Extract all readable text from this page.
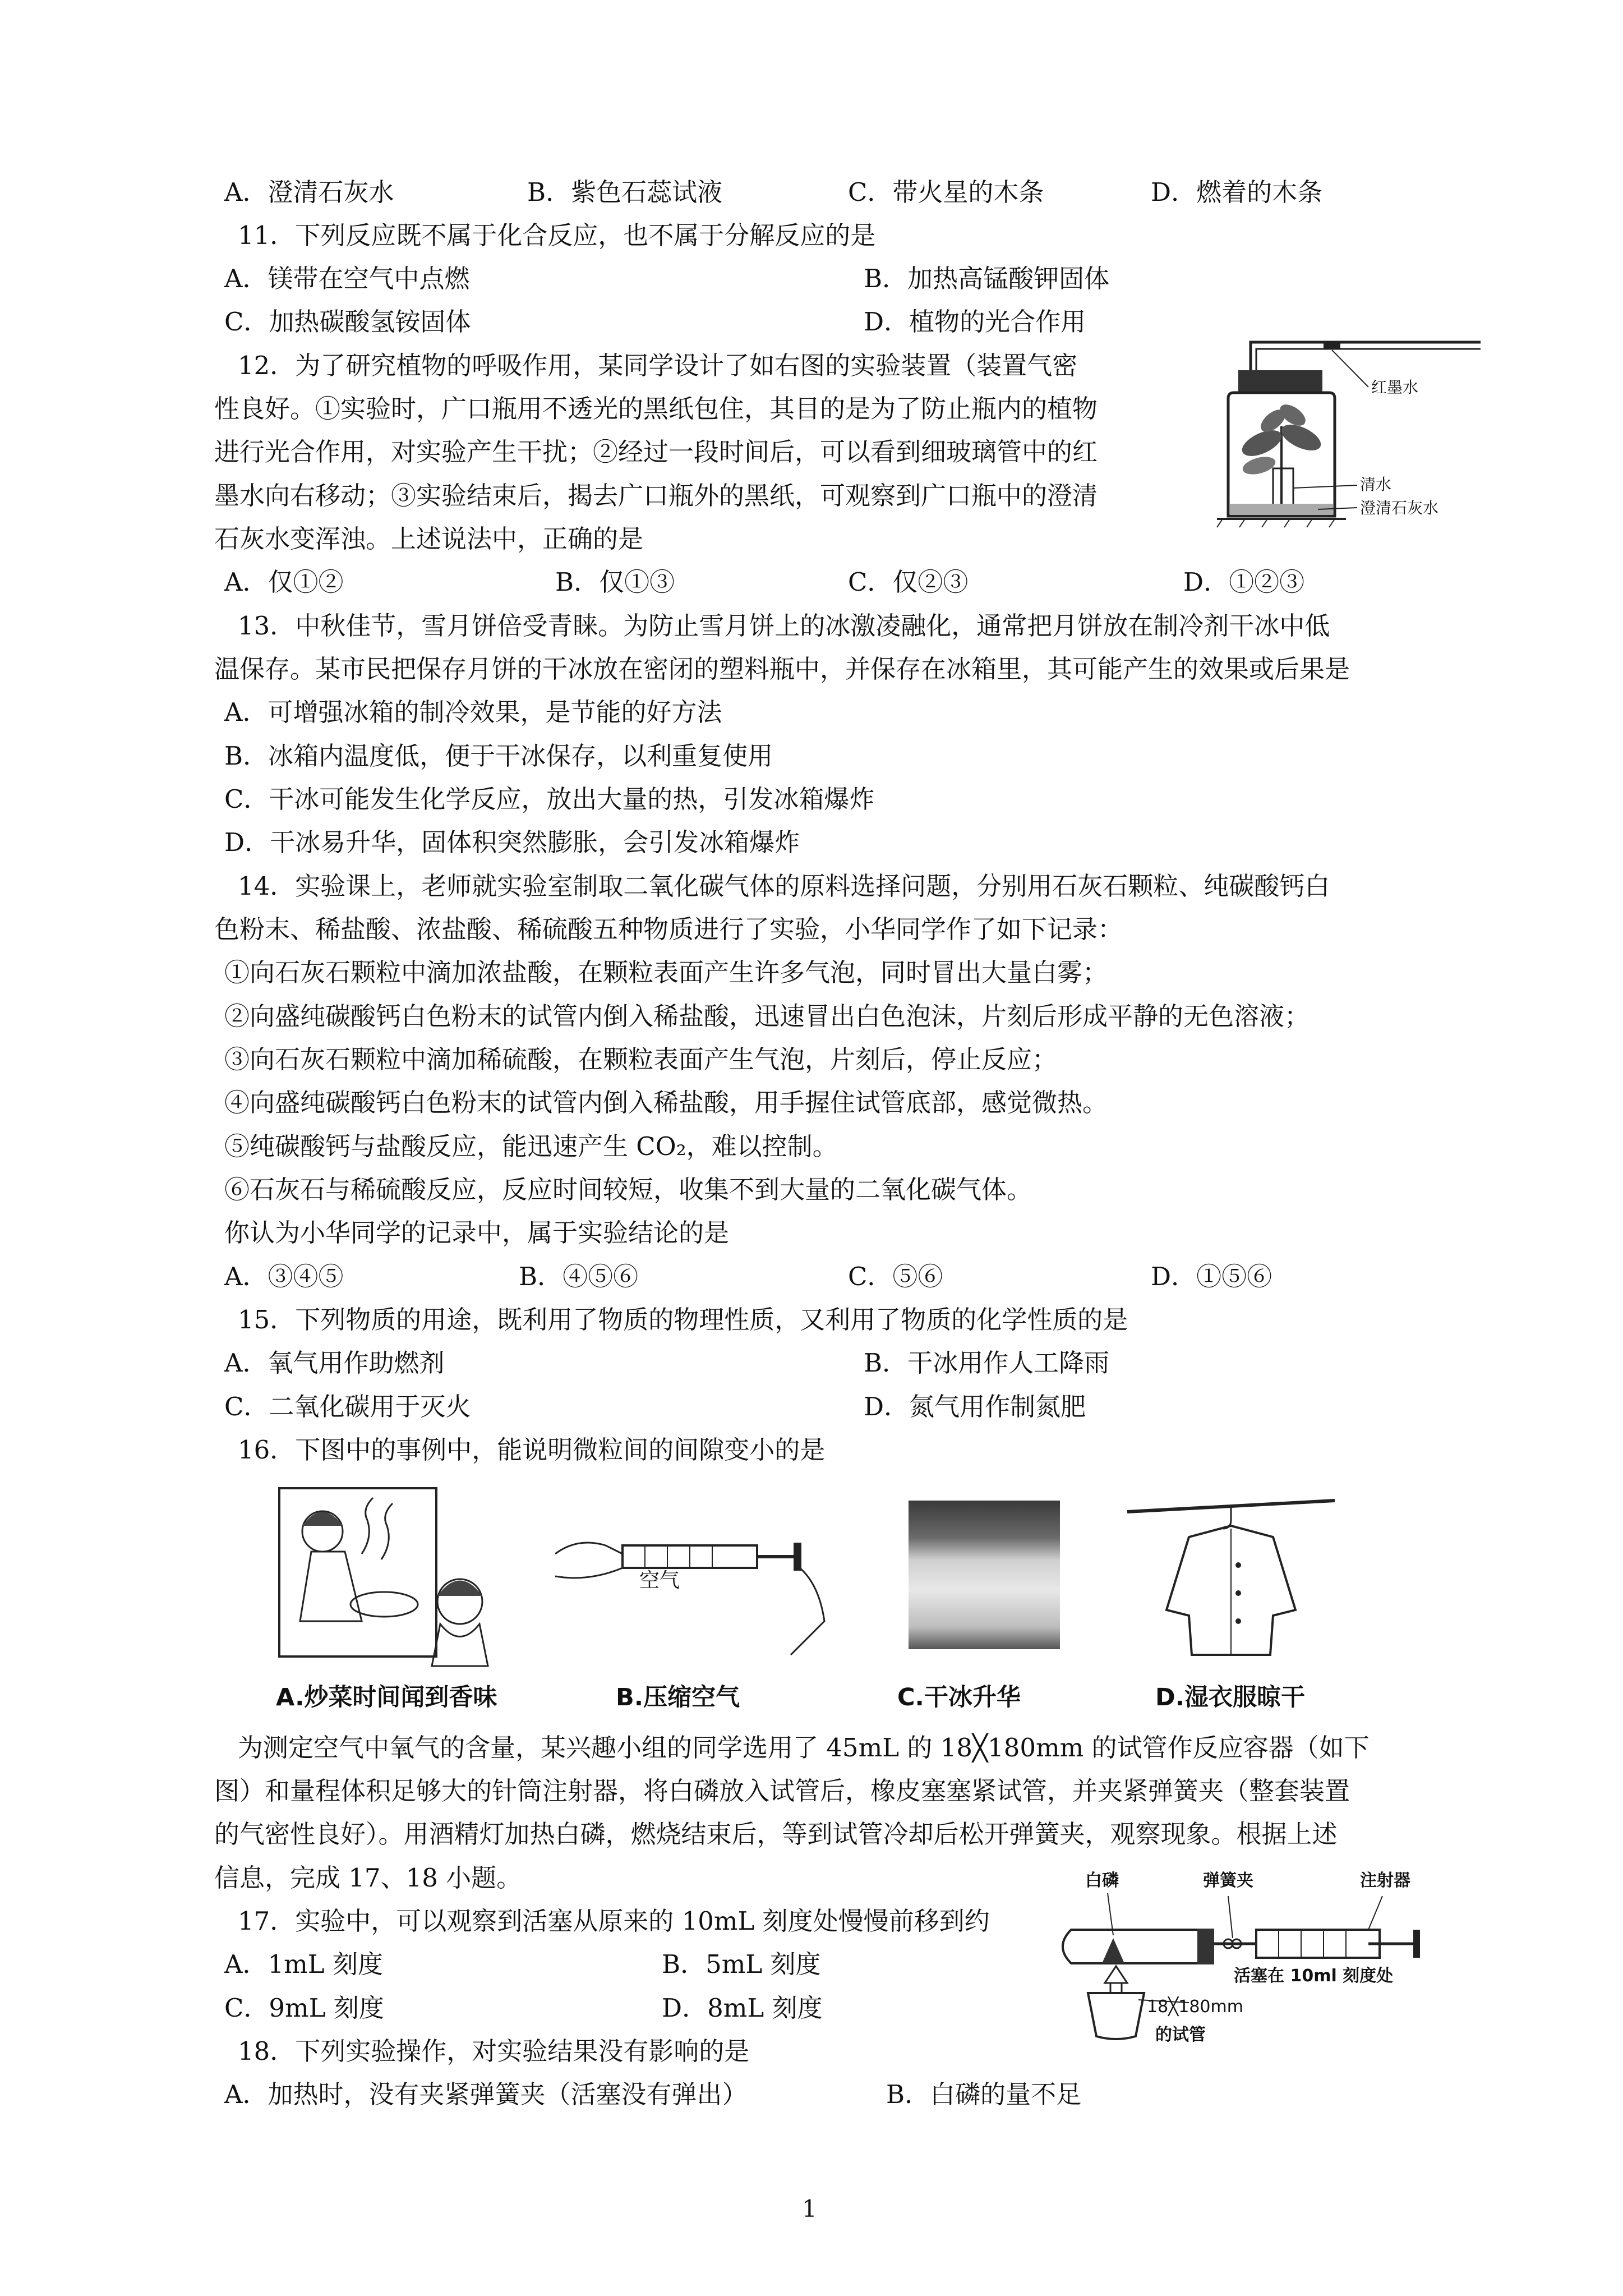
A．澄清石灰水	B．紫色石蕊试液	C．带火星的木条	D．燃着的木条
11．下列反应既不属于化合反应，也不属于分解反应的是
A．镁带在空气中点燃	B．加热高锰酸钾固体
C．加热碳酸氢铵固体	D．植物的光合作用
12．为了研究植物的呼吸作用，某同学设计了如右图的实验装置（装置气密
性良好。①实验时，广口瓶用不透光的黑纸包住，其目的是为了防止瓶内的植物
进行光合作用，对实验产生干扰；②经过一段时间后，可以看到细玻璃管中的红
墨水向右移动；③实验结束后，揭去广口瓶外的黑纸，可观察到广口瓶中的澄清
石灰水变浑浊。上述说法中，正确的是
A．仅①②	B．仅①③	C．仅②③	D．①②③
红墨水
清水
澄清石灰水
13．中秋佳节，雪月饼倍受青睐。为防止雪月饼上的冰激凌融化，通常把月饼放在制冷剂干冰中低
温保存。某市民把保存月饼的干冰放在密闭的塑料瓶中，并保存在冰箱里，其可能产生的效果或后果是
A．可增强冰箱的制冷效果，是节能的好方法
B．冰箱内温度低，便于干冰保存，以利重复使用
C．干冰可能发生化学反应，放出大量的热，引发冰箱爆炸
D．干冰易升华，固体积突然膨胀，会引发冰箱爆炸
14．实验课上，老师就实验室制取二氧化碳气体的原料选择问题，分别用石灰石颗粒、纯碳酸钙白
色粉末、稀盐酸、浓盐酸、稀硫酸五种物质进行了实验，小华同学作了如下记录：
①向石灰石颗粒中滴加浓盐酸，在颗粒表面产生许多气泡，同时冒出大量白雾；
②向盛纯碳酸钙白色粉末的试管内倒入稀盐酸，迅速冒出白色泡沫，片刻后形成平静的无色溶液；
③向石灰石颗粒中滴加稀硫酸，在颗粒表面产生气泡，片刻后，停止反应；
④向盛纯碳酸钙白色粉末的试管内倒入稀盐酸，用手握住试管底部，感觉微热。
⑤纯碳酸钙与盐酸反应，能迅速产生 CO₂，难以控制。
⑥石灰石与稀硫酸反应，反应时间较短，收集不到大量的二氧化碳气体。
你认为小华同学的记录中，属于实验结论的是
A．③④⑤	B．④⑤⑥	C．⑤⑥	D．①⑤⑥
15．下列物质的用途，既利用了物质的物理性质，又利用了物质的化学性质的是
A．氧气用作助燃剂	B．干冰用作人工降雨
C．二氧化碳用于灭火	D．氮气用作制氮肥
16．下图中的事例中，能说明微粒间的间隙变小的是
空气
A.炒菜时间闻到香味	B.压缩空气	C.干冰升华	D.湿衣服晾干
为测定空气中氧气的含量，某兴趣小组的同学选用了 45mL 的 18╳180mm 的试管作反应容器（如下
图）和量程体积足够大的针筒注射器，将白磷放入试管后，橡皮塞塞紧试管，并夹紧弹簧夹（整套装置
的气密性良好）。用酒精灯加热白磷，燃烧结束后，等到试管冷却后松开弹簧夹，观察现象。根据上述
信息，完成 17、18 小题。
17．实验中，可以观察到活塞从原来的 10mL 刻度处慢慢前移到约
A．1mL 刻度	B．5mL 刻度
C．9mL 刻度	D．8mL 刻度
白磷	弹簧夹	注射器
活塞在 10ml 刻度处
18╳180mm
的试管
18．下列实验操作，对实验结果没有影响的是
A．加热时，没有夹紧弹簧夹（活塞没有弹出）	B．白磷的量不足
1
